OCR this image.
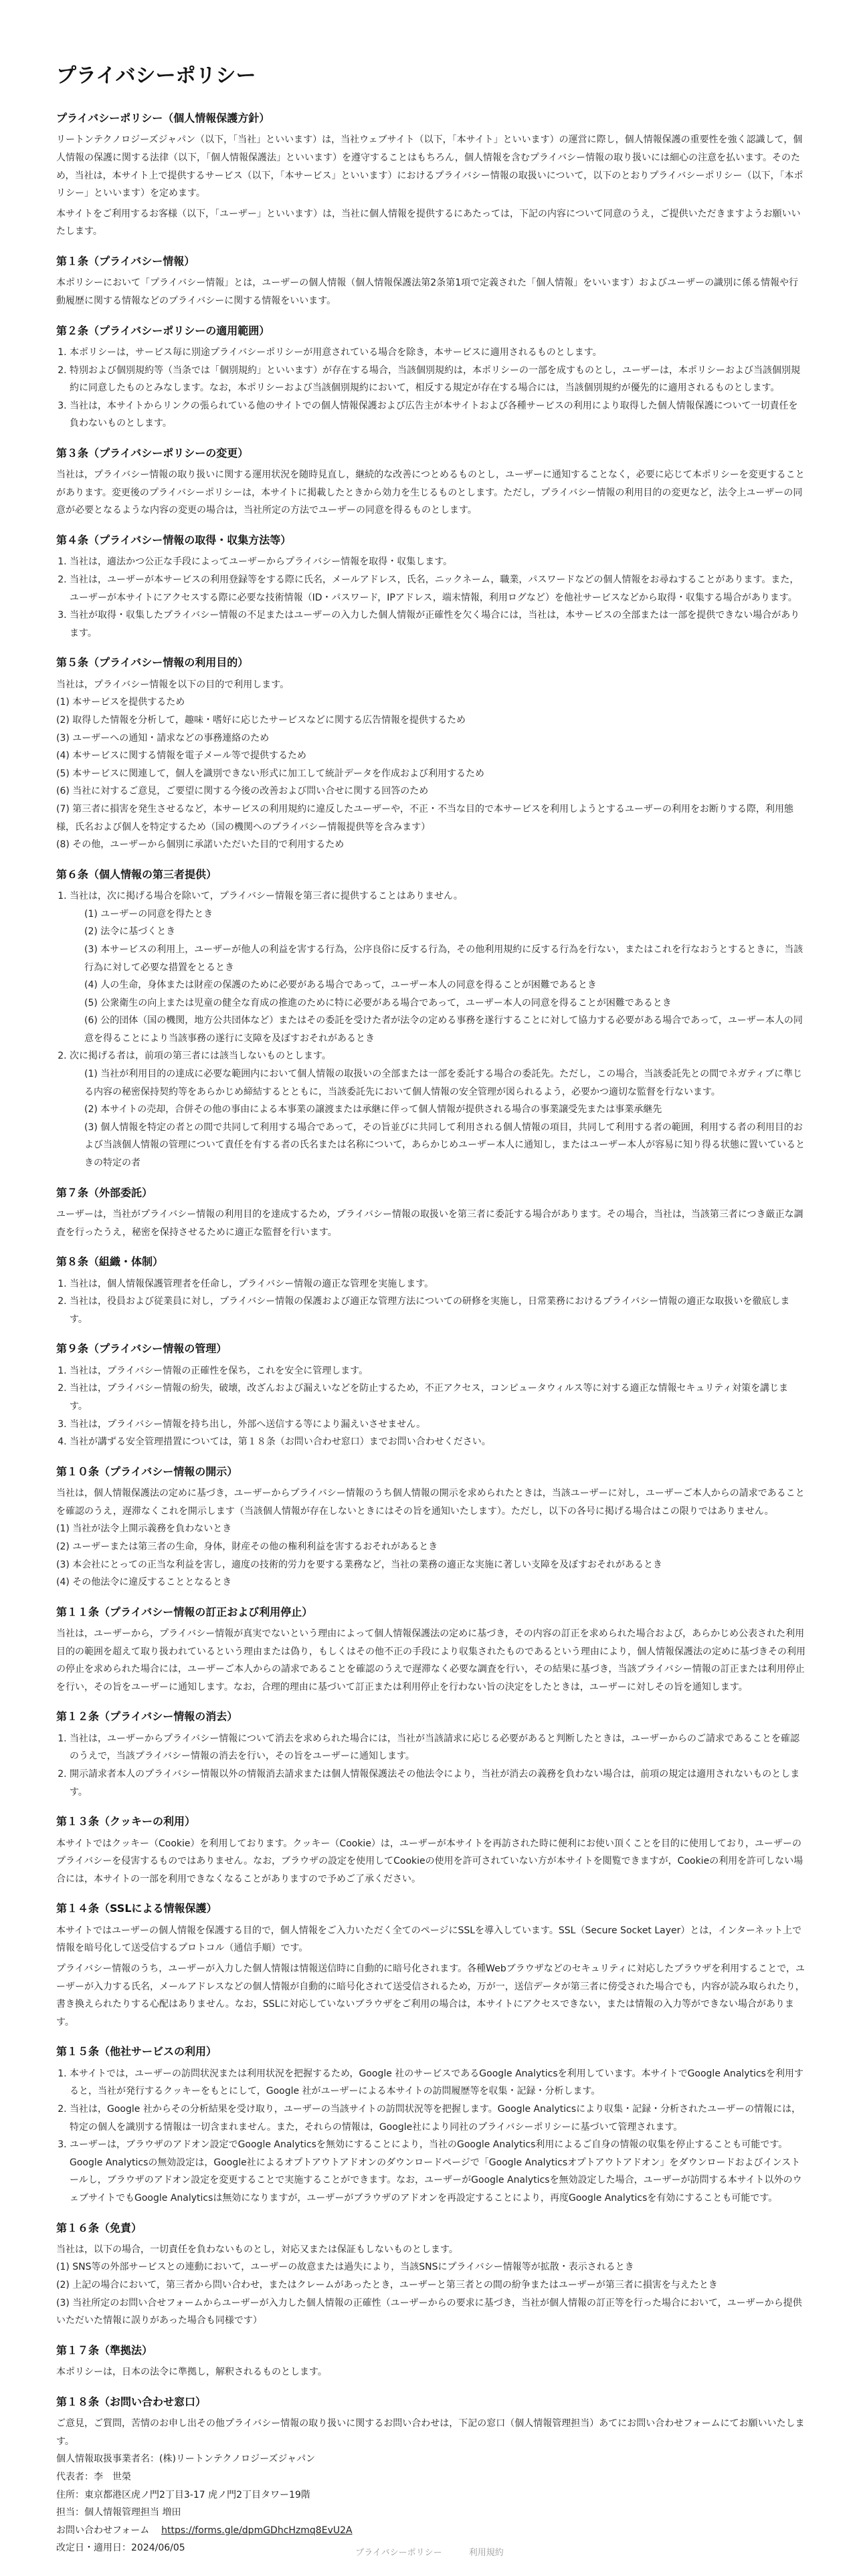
プライバシーポリシー
プライバシーポリシー（個人情報保護方針）

リートンテクノロジーズジャパン（以下，「当社」といいます）は，当社ウェブサイト（以下，「本サイト」といいます）の運営に際し，個人情報保護の重要性を強く認識して，個人情報の保護に関する法律（以下，「個人情報保護法」といいます）を遵守することはもちろん，個人情報を含むプライバシー情報の取り扱いには細心の注意を払います。そのため，当社は，本サイト上で提供するサービス（以下，「本サービス」といいます）におけるプライバシー情報の取扱いについて，以下のとおりプライバシーポリシー（以下，「本ポリシー」といいます）を定めます。

本サイトをご利用するお客様（以下，「ユーザー」といいます）は，当社に個人情報を提供するにあたっては，下記の内容について同意のうえ，ご提供いただきますようお願いいたします。

第１条（プライバシー情報）

本ポリシーにおいて「プライバシー情報」とは，ユーザーの個人情報（個人情報保護法第2条第1項で定義された「個人情報」をいいます）およびユーザーの識別に係る情報や行動履歴に関する情報などのプライバシーに関する情報をいいます。

第２条（プライバシーポリシーの適用範囲）
1. 本ポリシーは，サービス毎に別途プライバシーポリシーが用意されている場合を除き，本サービスに適用されるものとします。
2. 特別および個別規約等（当条では「個別規約」といいます）が存在する場合，当該個別規約は，本ポリシーの一部を成すものとし，ユーザーは，本ポリシーおよび当該個別規約に同意したものとみなします。なお，本ポリシーおよび当該個別規約において，相反する規定が存在する場合には，当該個別規約が優先的に適用されるものとします。
3. 当社は，本サイトからリンクの張られている他のサイトでの個人情報保護および広告主が本サイトおよび各種サービスの利用により取得した個人情報保護について一切責任を負わないものとします。
第３条（プライバシーポリシーの変更）

当社は，プライバシー情報の取り扱いに関する運用状況を随時見直し，継続的な改善につとめるものとし，ユーザーに通知することなく，必要に応じて本ポリシーを変更することがあります。変更後のプライバシーポリシーは，本サイトに掲載したときから効力を生じるものとします。ただし，プライバシー情報の利用目的の変更など，法令上ユーザーの同意が必要となるような内容の変更の場合は，当社所定の方法でユーザーの同意を得るものとします。

第４条（プライバシー情報の取得・収集方法等）
1. 当社は，適法かつ公正な手段によってユーザーからプライバシー情報を取得・収集します。
2. 当社は，ユーザーが本サービスの利用登録等をする際に氏名，メールアドレス，氏名，ニックネーム，職業，パスワードなどの個人情報をお尋ねすることがあります。また，ユーザーが本サイトにアクセスする際に必要な技術情報（ID・パスワード，IPアドレス，端末情報，利用ログなど）を他社サービスなどから取得・収集する場合があります。
3. 当社が取得・収集したプライバシー情報の不足またはユーザーの入力した個人情報が正確性を欠く場合には，当社は，本サービスの全部または一部を提供できない場合があります。
第５条（プライバシー情報の利用目的）

当社は，プライバシー情報を以下の目的で利用します。

(1) 本サービスを提供するため

(2) 取得した情報を分析して，趣味・嗜好に応じたサービスなどに関する広告情報を提供するため

(3) ユーザーへの通知・請求などの事務連絡のため

(4) 本サービスに関する情報を電子メール等で提供するため

(5) 本サービスに関連して，個人を識別できない形式に加工して統計データを作成および利用するため

(6) 当社に対するご意見，ご要望に関する今後の改善および問い合せに関する回答のため

(7) 第三者に損害を発生させるなど，本サービスの利用規約に違反したユーザーや，不正・不当な目的で本サービスを利用しようとするユーザーの利用をお断りする際，利用態様，氏名および個人を特定するため（国の機関へのプライバシー情報提供等を含みます）

(8) その他，ユーザーから個別に承諾いただいた目的で利用するため

第６条（個人情報の第三者提供）
1. 当社は，次に掲げる場合を除いて，プライバシー情報を第三者に提供することはありません。
(1) ユーザーの同意を得たとき
(2) 法令に基づくとき
(3) 本サービスの利用上，ユーザーが他人の利益を害する行為，公序良俗に反する行為，その他利用規約に反する行為を行ない，またはこれを行なおうとするときに，当該行為に対して必要な措置をとるとき
(4) 人の生命，身体または財産の保護のために必要がある場合であって，ユーザー本人の同意を得ることが困難であるとき
(5) 公衆衛生の向上または児童の健全な育成の推進のために特に必要がある場合であって，ユーザー本人の同意を得ることが困難であるとき
(6) 公的団体（国の機関，地方公共団体など）またはその委託を受けた者が法令の定める事務を遂行することに対して協力する必要がある場合であって，ユーザー本人の同意を得ることにより当該事務の遂行に支障を及ぼすおそれがあるとき
2. 次に掲げる者は，前項の第三者には該当しないものとします。
(1) 当社が利用目的の達成に必要な範囲内において個人情報の取扱いの全部または一部を委託する場合の委託先。ただし，この場合，当該委託先との間でネガティブに準じる内容の秘密保持契約等をあらかじめ締結するとともに，当該委託先において個人情報の安全管理が図られるよう，必要かつ適切な監督を行ないます。
(2) 本サイトの売却，合併その他の事由による本事業の譲渡または承継に伴って個人情報が提供される場合の事業譲受先または事業承継先
(3) 個人情報を特定の者との間で共同して利用する場合であって，その旨並びに共同して利用される個人情報の項目，共同して利用する者の範囲，利用する者の利用目的および当該個人情報の管理について責任を有する者の氏名または名称について，あらかじめユーザー本人に通知し，またはユーザー本人が容易に知り得る状態に置いているときの特定の者
第７条（外部委託）

ユーザーは，当社がプライバシー情報の利用目的を達成するため，プライバシー情報の取扱いを第三者に委託する場合があります。その場合，当社は，当該第三者につき厳正な調査を行ったうえ，秘密を保持させるために適正な監督を行います。

第８条（組織・体制）
1. 当社は，個人情報保護管理者を任命し，プライバシー情報の適正な管理を実施します。
2. 当社は，役員および従業員に対し，プライバシー情報の保護および適正な管理方法についての研修を実施し，日常業務におけるプライバシー情報の適正な取扱いを徹底します。
第９条（プライバシー情報の管理）
1. 当社は，プライバシー情報の正確性を保ち，これを安全に管理します。
2. 当社は，プライバシー情報の紛失，破壊，改ざんおよび漏えいなどを防止するため，不正アクセス，コンピュータウィルス等に対する適正な情報セキュリティ対策を講じます。
3. 当社は，プライバシー情報を持ち出し，外部へ送信する等により漏えいさせません。
4. 当社が講ずる安全管理措置については，第１８条（お問い合わせ窓口）までお問い合わせください。
第１０条（プライバシー情報の開示）

当社は，個人情報保護法の定めに基づき，ユーザーからプライバシー情報のうち個人情報の開示を求められたときは，当該ユーザーに対し，ユーザーご本人からの請求であることを確認のうえ，遅滞なくこれを開示します（当該個人情報が存在しないときにはその旨を通知いたします）。ただし，以下の各号に掲げる場合はこの限りではありません。

(1) 当社が法令上開示義務を負わないとき

(2) ユーザーまたは第三者の生命，身体，財産その他の権利利益を害するおそれがあるとき

(3) 本会社にとっての正当な利益を害し，適度の技術的労力を要する業務など，当社の業務の適正な実施に著しい支障を及ぼすおそれがあるとき

(4) その他法令に違反することとなるとき

第１１条（プライバシー情報の訂正および利用停止）

当社は，ユーザーから，プライバシー情報が真実でないという理由によって個人情報保護法の定めに基づき，その内容の訂正を求められた場合および，あらかじめ公表された利用目的の範囲を超えて取り扱われているという理由または偽り，もしくはその他不正の手段により収集されたものであるという理由により，個人情報保護法の定めに基づきその利用の停止を求められた場合には，ユーザーご本人からの請求であることを確認のうえで遅滞なく必要な調査を行い，その結果に基づき，当該プライバシー情報の訂正または利用停止を行い，その旨をユーザーに通知します。なお，合理的理由に基づいて訂正または利用停止を行わない旨の決定をしたときは，ユーザーに対しその旨を通知します。

第１２条（プライバシー情報の消去）
1. 当社は，ユーザーからプライバシー情報について消去を求められた場合には，当社が当該請求に応じる必要があると判断したときは，ユーザーからのご請求であることを確認のうえで，当該プライバシー情報の消去を行い，その旨をユーザーに通知します。
2. 開示請求者本人のプライバシー情報以外の情報消去請求または個人情報保護法その他法令により，当社が消去の義務を負わない場合は，前項の規定は適用されないものとします。
第１３条（クッキーの利用）

本サイトではクッキー（Cookie）を利用しております。クッキー（Cookie）は，ユーザーが本サイトを再訪された時に便利にお使い頂くことを目的に使用しており，ユーザーのプライバシーを侵害するものではありません。なお，ブラウザの設定を使用してCookieの使用を許可されていない方が本サイトを閲覧できますが，Cookieの利用を許可しない場合には，本サイトの一部を利用できなくなることがありますので予めご了承ください。

第１４条（SSLによる情報保護）

本サイトではユーザーの個人情報を保護する目的で，個人情報をご入力いただく全てのページにSSLを導入しています。SSL（Secure Socket Layer）とは，インターネット上で情報を暗号化して送受信するプロトコル（通信手順）です。

プライバシー情報のうち，ユーザーが入力した個人情報は情報送信時に自動的に暗号化されます。各種Webブラウザなどのセキュリティに対応したブラウザを利用することで，ユーザーが入力する氏名，メールアドレスなどの個人情報が自動的に暗号化されて送受信されるため，万が一，送信データが第三者に傍受された場合でも，内容が読み取られたり，書き換えられたりする心配はありません。なお，SSLに対応していないブラウザをご利用の場合は，本サイトにアクセスできない，または情報の入力等ができない場合があります。

第１５条（他社サービスの利用）
1. 本サイトでは，ユーザーの訪問状況または利用状況を把握するため，Google 社のサービスであるGoogle Analyticsを利用しています。本サイトでGoogle Analyticsを利用すると，当社が発行するクッキーをもとにして，Google 社がユーザーによる本サイトの訪問履歴等を収集・記録・分析します。
2. 当社は，Google 社からその分析結果を受け取り，ユーザーの当該サイトの訪問状況等を把握します。Google Analyticsにより収集・記録・分析されたユーザーの情報には，特定の個人を識別する情報は一切含まれません。また，それらの情報は，Google社により同社のプライバシーポリシーに基づいて管理されます。
3. ユーザーは，ブラウザのアドオン設定でGoogle Analyticsを無効にすることにより，当社のGoogle Analytics利用によるご自身の情報の収集を停止することも可能です。Google Analyticsの無効設定は，Google社によるオプトアウトアドオンのダウンロードページで「Google Analyticsオプトアウトアドオン」をダウンロードおよびインストールし，ブラウザのアドオン設定を変更することで実施することができます。なお，ユーザーがGoogle Analyticsを無効設定した場合，ユーザーが訪問する本サイト以外のウェブサイトでもGoogle Analyticsは無効になりますが，ユーザーがブラウザのアドオンを再設定することにより，再度Google Analyticsを有効にすることも可能です。
第１６条（免責）

当社は，以下の場合，一切責任を負わないものとし，対応又または保証もしないものとします。

(1) SNS等の外部サービスとの連動において，ユーザーの故意または過失により，当該SNSにプライバシー情報等が拡散・表示されるとき

(2) 上記の場合において，第三者から問い合わせ，またはクレームがあったとき，ユーザーと第三者との間の紛争またはユーザーが第三者に損害を与えたとき

(3) 当社所定のお問い合せフォームからユーザーが入力した個人情報の正確性（ユーザーからの要求に基づき，当社が個人情報の訂正等を行った場合において，ユーザーから提供いただいた情報に誤りがあった場合も同様です）

第１７条（準拠法）

本ポリシーは，日本の法令に準拠し，解釈されるものとします。

第１８条（お問い合わせ窓口）

ご意見，ご質問，苦情のお申し出その他プライバシー情報の取り扱いに関するお問い合わせは，下記の窓口（個人情報管理担当）あてにお問い合わせフォームにてお願いいたします。

個人情報取扱事業者名：(株)リートンテクノロジーズジャパン

代表者：李　世榮

住所：東京都港区虎ノ門2丁目3-17 虎ノ門2丁目タワー19階

担当：個人情報管理担当 増田

お問い合わせフォーム https://forms.gle/dpmGDhcHzmq8EvU2A

改定日・適用日：2024/06/05	プライバシーポリシー	利用規約
